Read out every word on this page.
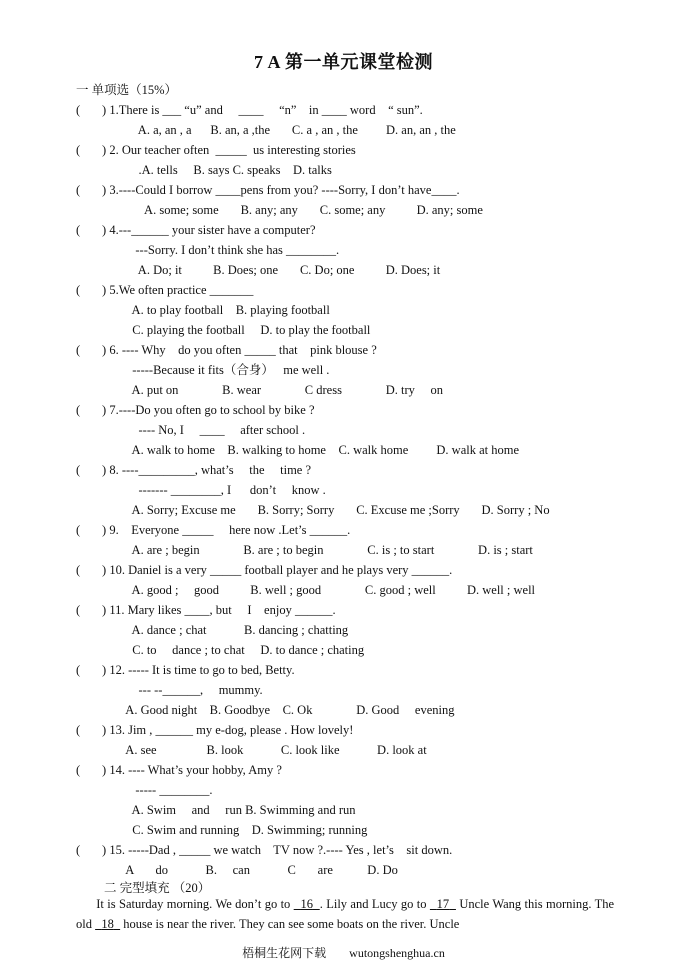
7 A 第一单元课堂检测
一 单项选（15%）
(       ) 1.There is ___ “u” and     ____     “n”    in ____ word    “ sun”.
A. a, an , a      B. an, a ,the       C. a , an , the         D. an, an , the
(       ) 2. Our teacher often  _____  us interesting stories
.A. tells     B. says C. speaks    D. talks
(       ) 3.----Could I borrow ____pens from you? ----Sorry, I don’t have____.
A. some; some       B. any; any       C. some; any          D. any; some
(       ) 4.---______ your sister have a computer?
---Sorry. I don’t think she has ________.
A. Do; it          B. Does; one       C. Do; one          D. Does; it
(       ) 5.We often practice _______
A. to play football    B. playing football
C. playing the football     D. to play the football
(       ) 6. ---- Why    do you often _____ that    pink blouse ?
-----Because it fits（合身）   me well .
A. put on              B. wear              C dress              D. try     on
(       ) 7.----Do you often go to school by bike ?
---- No, I     ____     after school .
A. walk to home    B. walking to home    C. walk home         D. walk at home
(       ) 8. ----_________, what’s     the     time ?
------- ________, I      don’t     know .
A. Sorry; Excuse me       B. Sorry; Sorry       C. Excuse me ;Sorry       D. Sorry ; No
(       ) 9.    Everyone _____     here now .Let’s ______.
A. are ; begin              B. are ; to begin              C. is ; to start              D. is ; start
(       ) 10. Daniel is a very _____ football player and he plays very ______.
A. good ;     good          B. well ; good              C. good ; well          D. well ; well
(       ) 11. Mary likes ____, but     I    enjoy ______.
A. dance ; chat            B. dancing ; chatting
C. to     dance ; to chat     D. to dance ; chating
(       ) 12. ----- It is time to go to bed, Betty.
--- --______,     mummy.
A. Good night    B. Goodbye    C. Ok              D. Good     evening
(       ) 13. Jim , ______ my e-dog, please . How lovely!
A. see                B. look            C. look like            D. look at
(       ) 14. ---- What’s your hobby, Amy ?
----- ________.
A. Swim     and     run B. Swimming and run
C. Swim and running    D. Swimming; running
(       ) 15. -----Dad , _____ we watch    TV now ?.---- Yes , let’s    sit down.
A       do            B.     can            C       are           D. Do
二 完型填充 （20）
It is Saturday morning. We don’t go to   16 . Lily and Lucy go to   17   Uncle Wang this morning. The old   18   house is near the river. They can see some boats on the river. Uncle
梧桐生花网下载 wutongshenghua.cn
